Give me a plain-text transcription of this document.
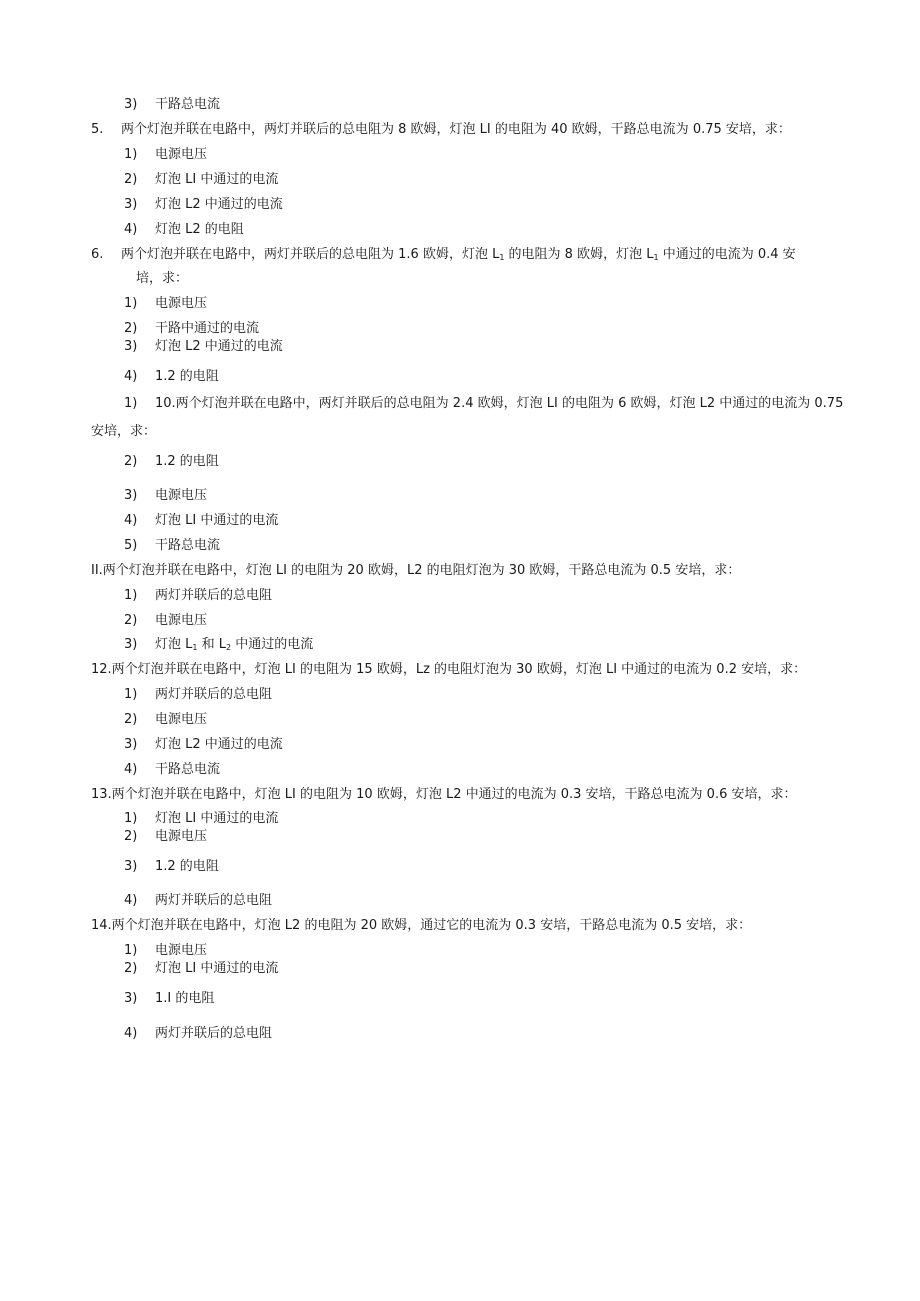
3) 干路总电流
5. 两个灯泡并联在电路中，两灯并联后的总电阻为 8 欧姆，灯泡 LI 的电阻为 40 欧姆，干路总电流为 0.75 安培，求：
1) 电源电压
2) 灯泡 LI 中通过的电流
3) 灯泡 L2 中通过的电流
4) 灯泡 L2 的电阻
6. 两个灯泡并联在电路中，两灯并联后的总电阻为 1.6 欧姆，灯泡 $L_1$ 的电阻为 8 欧姆，灯泡 $L_1$ 中通过的电流为 0.4 安
培，求：
1) 电源电压
2) 干路中通过的电流
3) 灯泡 L2 中通过的电流
4) 1.2 的电阻
1) 10.两个灯泡并联在电路中，两灯并联后的总电阻为 2.4 欧姆，灯泡 LI 的电阻为 6 欧姆，灯泡 L2 中通过的电流为 0.75
安培，求：
2) 1.2 的电阻
3) 电源电压
4) 灯泡 LI 中通过的电流
5) 干路总电流
II.两个灯泡并联在电路中，灯泡 LI 的电阻为 20 欧姆，L2 的电阻灯泡为 30 欧姆，干路总电流为 0.5 安培，求：
1) 两灯并联后的总电阻
2) 电源电压
3) 灯泡 $L_1$ 和 $L_2$ 中通过的电流
12.两个灯泡并联在电路中，灯泡 LI 的电阻为 15 欧姆，Lz 的电阻灯泡为 30 欧姆，灯泡 LI 中通过的电流为 0.2 安培，求：
1) 两灯并联后的总电阻
2) 电源电压
3) 灯泡 L2 中通过的电流
4) 干路总电流
13.两个灯泡并联在电路中，灯泡 LI 的电阻为 10 欧姆，灯泡 L2 中通过的电流为 0.3 安培，干路总电流为 0.6 安培，求：
1) 灯泡 LI 中通过的电流
2) 电源电压
3) 1.2 的电阻
4) 两灯并联后的总电阻
14.两个灯泡并联在电路中，灯泡 L2 的电阻为 20 欧姆，通过它的电流为 0.3 安培，干路总电流为 0.5 安培，求：
1) 电源电压
2) 灯泡 LI 中通过的电流
3) 1.I 的电阻
4) 两灯并联后的总电阻
